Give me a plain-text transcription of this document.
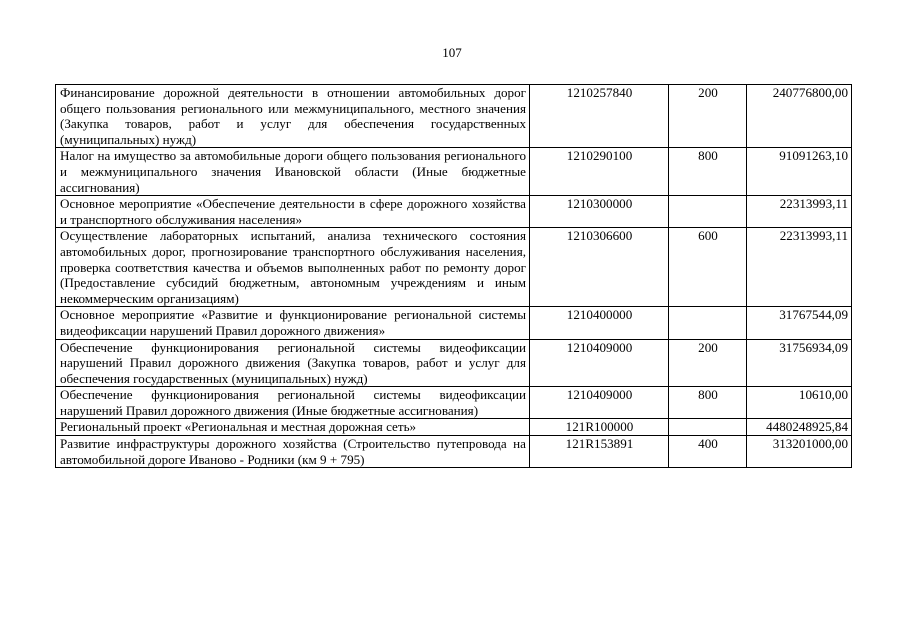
107
Финансирование дорожной деятельности в отношении автомобильных дорог общего пользования регионального или межмуниципального, местного значения (Закупка товаров, работ и услуг для обеспечения государственных (муниципальных) нужд)	1210257840	200	240776800,00
Налог на имущество за автомобильные дороги общего пользования регионального и межмуниципального значения Ивановской области (Иные бюджетные ассигнования)	1210290100	800	91091263,10
Основное мероприятие «Обеспечение деятельности в сфере дорожного хозяйства и транспортного обслуживания населения»	1210300000		22313993,11
Осуществление лабораторных испытаний, анализа технического состояния автомобильных дорог, прогнозирование транспортного обслуживания населения, проверка соответствия качества и объемов выполненных работ по ремонту дорог (Предоставление субсидий бюджетным, автономным учреждениям и иным некоммерческим организациям)	1210306600	600	22313993,11
Основное мероприятие «Развитие и функционирование региональной системы видеофиксации нарушений Правил дорожного движения»	1210400000		31767544,09
Обеспечение функционирования региональной системы видеофиксации нарушений Правил дорожного движения (Закупка товаров, работ и услуг для обеспечения государственных (муниципальных) нужд)	1210409000	200	31756934,09
Обеспечение функционирования региональной системы видеофиксации нарушений Правил дорожного движения (Иные бюджетные ассигнования)	1210409000	800	10610,00
Региональный проект «Региональная и местная дорожная сеть»	121R100000		4480248925,84
Развитие инфраструктуры дорожного хозяйства (Строительство путепровода на автомобильной дороге Иваново - Родники (км 9 + 795)	121R153891	400	313201000,00
